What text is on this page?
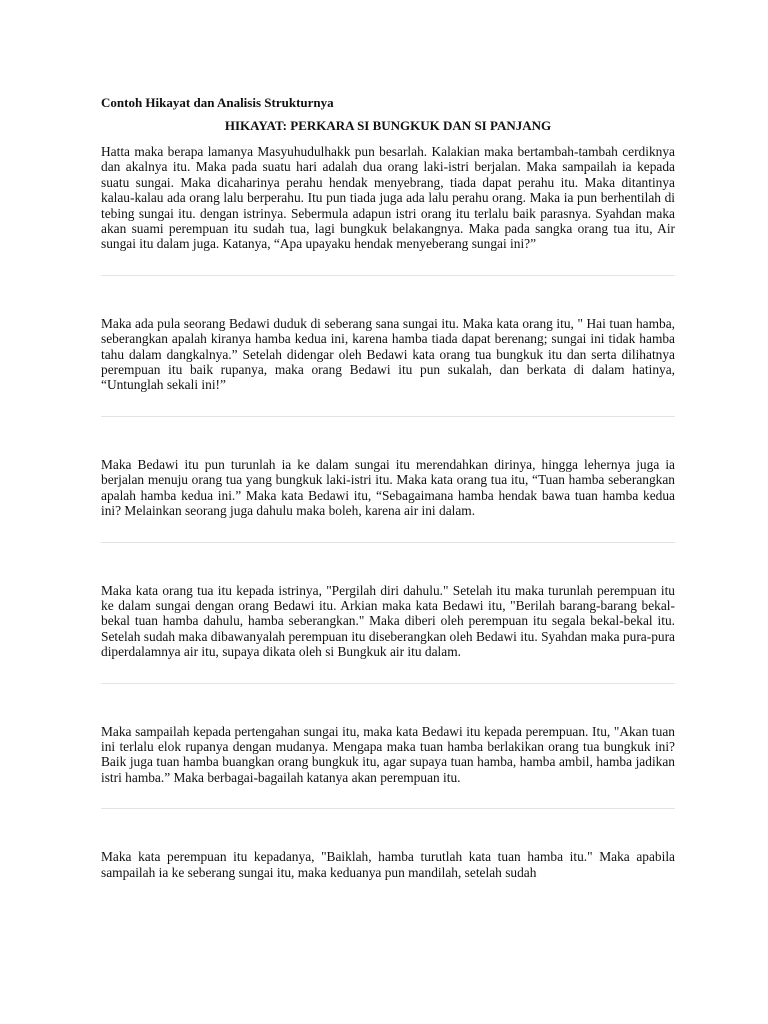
Contoh Hikayat dan Analisis Strukturnya

HIKAYAT: PERKARA SI BUNGKUK DAN SI PANJANG

Hatta maka berapa lamanya Masyuhudulhakk pun besarlah. Kalakian maka bertambah-tambah cerdiknya dan akalnya itu. Maka pada suatu hari adalah dua orang laki-istri berjalan. Maka sampailah ia kepada suatu sungai. Maka dicaharinya perahu hendak menyebrang, tiada dapat perahu itu. Maka ditantinya kalau-kalau ada orang lalu berperahu. Itu pun tiada juga ada lalu perahu orang. Maka ia pun berhentilah di tebing sungai itu. dengan istrinya. Sebermula adapun istri orang itu terlalu baik parasnya. Syahdan maka akan suami perempuan itu sudah tua, lagi bungkuk belakangnya. Maka pada sangka orang tua itu, Air sungai itu dalam juga. Katanya, “Apa upayaku hendak menyeberang sungai ini?”

Maka ada pula seorang Bedawi duduk di seberang sana sungai itu. Maka kata orang itu, " Hai tuan hamba, seberangkan apalah kiranya hamba kedua ini, karena hamba tiada dapat berenang; sungai ini tidak hamba tahu dalam dangkalnya.” Setelah didengar oleh Bedawi kata orang tua bungkuk itu dan serta dilihatnya perempuan itu baik rupanya, maka orang Bedawi itu pun sukalah, dan berkata di dalam hatinya, “Untunglah sekali ini!”

Maka Bedawi itu pun turunlah ia ke dalam sungai itu merendahkan dirinya, hingga lehernya juga ia berjalan menuju orang tua yang bungkuk laki-istri itu. Maka kata orang tua itu, “Tuan hamba seberangkan apalah hamba kedua ini.” Maka kata Bedawi itu, “Sebagaimana hamba hendak bawa tuan hamba kedua ini? Melainkan seorang juga dahulu maka boleh, karena air ini dalam.

Maka kata orang tua itu kepada istrinya, "Pergilah diri dahulu." Setelah itu maka turunlah perempuan itu ke dalam sungai dengan orang Bedawi itu. Arkian maka kata Bedawi itu, "Berilah barang-barang bekal-bekal tuan hamba dahulu, hamba seberangkan." Maka diberi oleh perempuan itu segala bekal-bekal itu. Setelah sudah maka dibawanyalah perempuan itu diseberangkan oleh Bedawi itu. Syahdan maka pura-pura diperdalamnya air itu, supaya dikata oleh si Bungkuk air itu dalam.

Maka sampailah kepada pertengahan sungai itu, maka kata Bedawi itu kepada perempuan. Itu, "Akan tuan ini terlalu elok rupanya dengan mudanya. Mengapa maka tuan hamba berlakikan orang tua bungkuk ini? Baik juga tuan hamba buangkan orang bungkuk itu, agar supaya tuan hamba, hamba ambil, hamba jadikan istri hamba.” Maka berbagai-bagailah katanya akan perempuan itu.

Maka kata perempuan itu kepadanya, "Baiklah, hamba turutlah kata tuan hamba itu." Maka apabila sampailah ia ke seberang sungai itu, maka keduanya pun mandilah, setelah sudah
